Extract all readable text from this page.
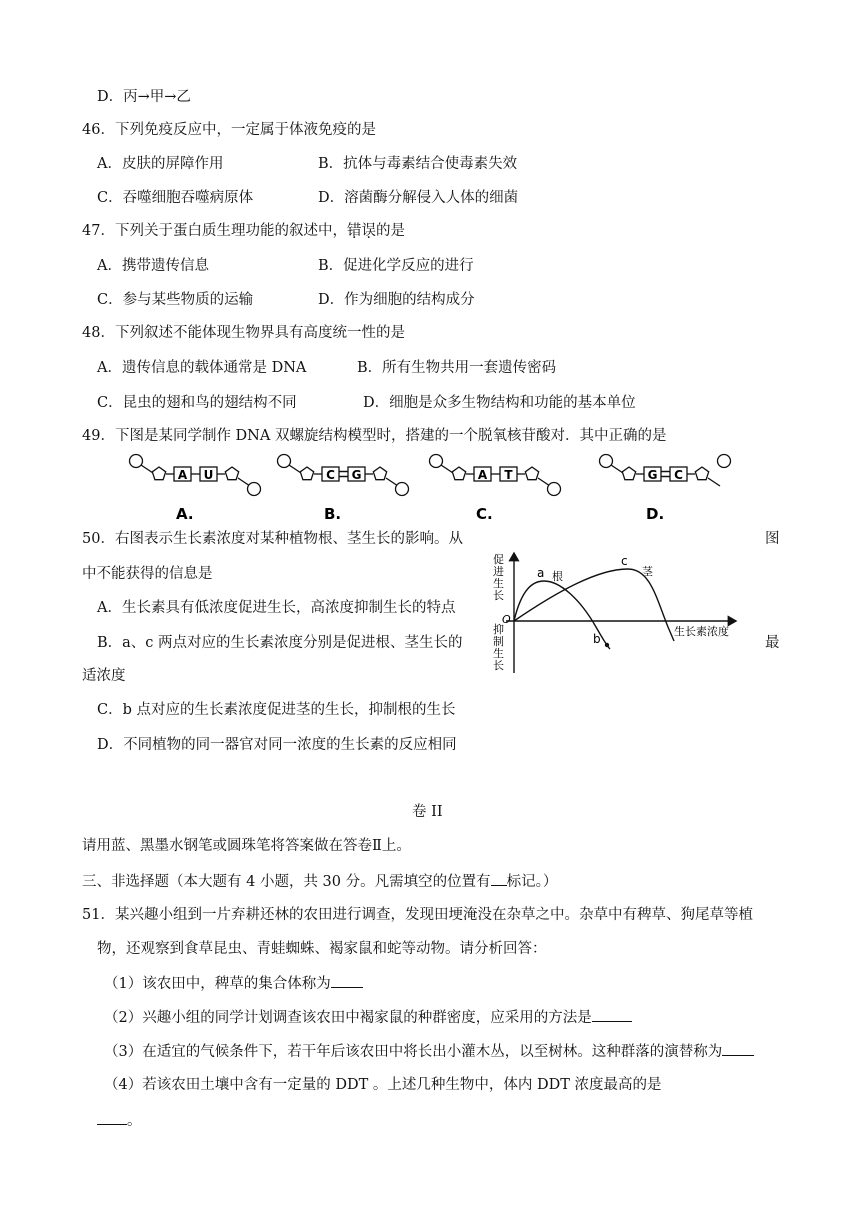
D．丙→甲→乙
46．下列免疫反应中，一定属于体液免疫的是
A．皮肤的屏障作用	B．抗体与毒素结合使毒素失效
C．吞噬细胞吞噬病原体	D．溶菌酶分解侵入人体的细菌
47．下列关于蛋白质生理功能的叙述中，错误的是
A．携带遗传信息	B．促进化学反应的进行
C．参与某些物质的运输	D．作为细胞的结构成分
48．下列叙述不能体现生物界具有高度统一性的是
A．遗传信息的载体通常是 DNA	B．所有生物共用一套遗传密码
C．昆虫的翅和鸟的翅结构不同	D．细胞是众多生物结构和功能的基本单位
49．下图是某同学制作 DNA 双螺旋结构模型时，搭建的一个脱氧核苷酸对．其中正确的是
A U
A.
C G
B.
A T
C.
G C
D.
50．右图表示生长素浓度对某种植物根、茎生长的影响。从	图
中不能获得的信息是
A．生长素具有低浓度促进生长，高浓度抑制生长的特点
B．a、c 两点对应的生长素浓度分别是促进根、茎生长的	最
适浓度
C．b 点对应的生长素浓度促进茎的生长，抑制根的生长
D．不同植物的同一器官对同一浓度的生长素的反应相同
O
a 根
c
茎
b
生长素浓度
促进生长
抑制生长
卷 II
请用蓝、黑墨水钢笔或圆珠笔将答案做在答卷Ⅱ上。
三、非选择题（本大题有 4 小题，共 30 分。凡需填空的位置有 标记。）
51．某兴趣小组到一片弃耕还林的农田进行调查，发现田埂淹没在杂草之中。杂草中有稗草、狗尾草等植
物，还观察到食草昆虫、青蛙蜘蛛、褐家鼠和蛇等动物。请分析回答：
（1）该农田中，稗草的集合体称为
（2）兴趣小组的同学计划调查该农田中褐家鼠的种群密度，应采用的方法是
（3）在适宜的气候条件下，若干年后该农田中将长出小灌木丛，以至树林。这种群落的演替称为
（4）若该农田土壤中含有一定量的 DDT 。上述几种生物中，体内 DDT 浓度最高的是
。
